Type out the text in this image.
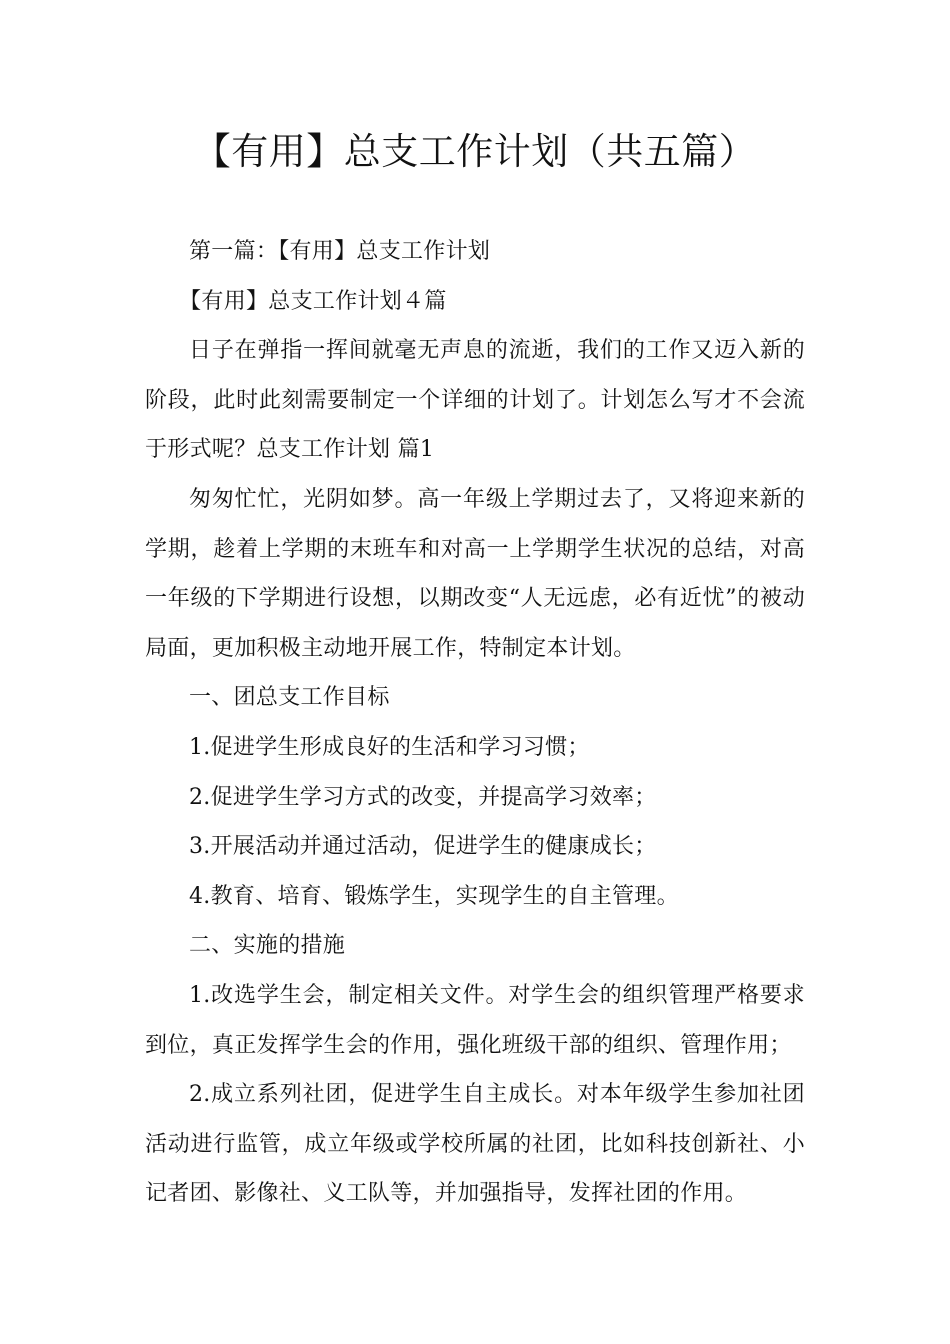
【有用】总支工作计划（共五篇）

第一篇：【有用】总支工作计划

【有用】总支工作计划４篇

日子在弹指一挥间就毫无声息的流逝，我们的工作又迈入新的阶段，此时此刻需要制定一个详细的计划了。计划怎么写才不会流于形式呢？总支工作计划 篇1

匆匆忙忙，光阴如梦。高一年级上学期过去了，又将迎来新的学期，趁着上学期的末班车和对高一上学期学生状况的总结，对高一年级的下学期进行设想，以期改变“人无远虑，必有近忧”的被动局面，更加积极主动地开展工作，特制定本计划。

一、团总支工作目标

1.促进学生形成良好的生活和学习习惯；

2.促进学生学习方式的改变，并提高学习效率；

3.开展活动并通过活动，促进学生的健康成长；

4.教育、培育、锻炼学生，实现学生的自主管理。

二、实施的措施

1.改选学生会，制定相关文件。对学生会的组织管理严格要求到位，真正发挥学生会的作用，强化班级干部的组织、管理作用；

2.成立系列社团，促进学生自主成长。对本年级学生参加社团活动进行监管，成立年级或学校所属的社团，比如科技创新社、小记者团、影像社、义工队等，并加强指导，发挥社团的作用。
